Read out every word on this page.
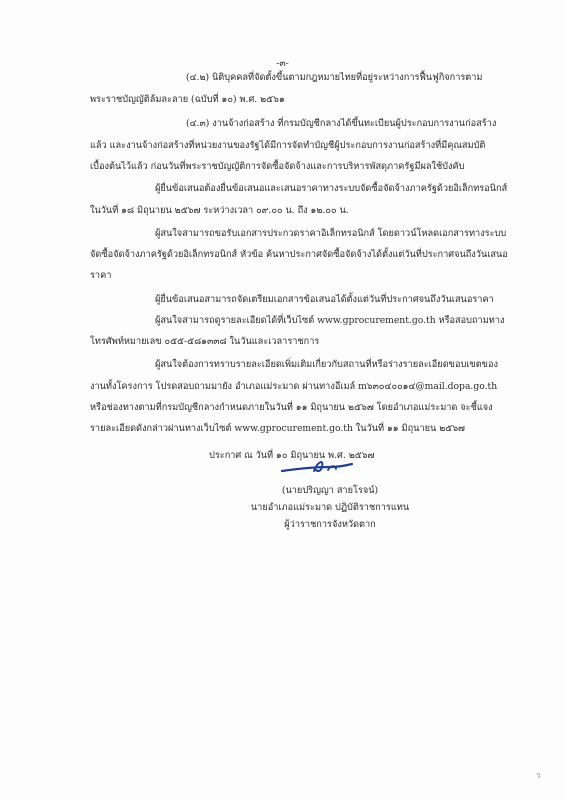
-๓-
(๔.๒) นิติบุคคลที่จัดตั้งขึ้นตามกฎหมายไทยที่อยู่ระหว่างการฟื้นฟูกิจการตาม
พระราชบัญญัติล้มละลาย (ฉบับที่ ๑๐) พ.ศ. ๒๕๖๑
(๔.๓) งานจ้างก่อสร้าง ที่กรมบัญชีกลางได้ขึ้นทะเบียนผู้ประกอบการงานก่อสร้าง
แล้ว และงานจ้างก่อสร้างที่หน่วยงานของรัฐได้มีการจัดทำบัญชีผู้ประกอบการงานก่อสร้างที่มีคุณสมบัติ
เบื้องต้นไว้แล้ว ก่อนวันที่พระราชบัญญัติการจัดซื้อจัดจ้างและการบริหารพัสดุภาครัฐมีผลใช้บังคับ
ผู้ยื่นข้อเสนอต้องยื่นข้อเสนอและเสนอราคาทางระบบจัดซื้อจัดจ้างภาครัฐด้วยอิเล็กทรอนิกส์
ในวันที่ ๑๘ มิถุนายน ๒๕๖๗ ระหว่างเวลา ๐๙.๐๐ น. ถึง ๑๒.๐๐ น.
ผู้สนใจสามารถขอรับเอกสารประกวดราคาอิเล็กทรอนิกส์ โดยดาวน์โหลดเอกสารทางระบบ
จัดซื้อจัดจ้างภาครัฐด้วยอิเล็กทรอนิกส์ หัวข้อ ค้นหาประกาศจัดซื้อจัดจ้างได้ตั้งแต่วันที่ประกาศจนถึงวันเสนอ
ราคา
ผู้ยื่นข้อเสนอสามารถจัดเตรียมเอกสารข้อเสนอได้ตั้งแต่วันที่ประกาศจนถึงวันเสนอราคา
ผู้สนใจสามารถดูรายละเอียดได้ที่เว็บไซต์ www.gprocurement.go.th หรือสอบถามทาง
โทรศัพท์หมายเลข ๐๕๕-๕๘๑๓๓๘ ในวันและเวลาราชการ
ผู้สนใจต้องการทราบรายละเอียดเพิ่มเติมเกี่ยวกับสถานที่หรือร่างรายละเอียดขอบเขตของ
งานทั้งโครงการ โปรดสอบถามมายัง อำเภอแม่ระมาด ผ่านทางอีเมล์ m๖๓๐๔๐๐๑๔@mail.dopa.go.th
หรือช่องทางตามที่กรมบัญชีกลางกำหนดภายในวันที่ ๑๑ มิถุนายน ๒๕๖๗ โดยอำเภอแม่ระมาด จะชี้แจง
รายละเอียดดังกล่าวผ่านทางเว็บไซต์ www.gprocurement.go.th ในวันที่ ๑๑ มิถุนายน ๒๕๖๗
ประกาศ ณ วันที่ ๑๐ มิถุนายน พ.ศ. ๒๕๖๗
(นายปริญญา สายโรจน์)
นายอำเภอแม่ระมาด ปฏิบัติราชการแทน
ผู้ว่าราชการจังหวัดตาก
ร
